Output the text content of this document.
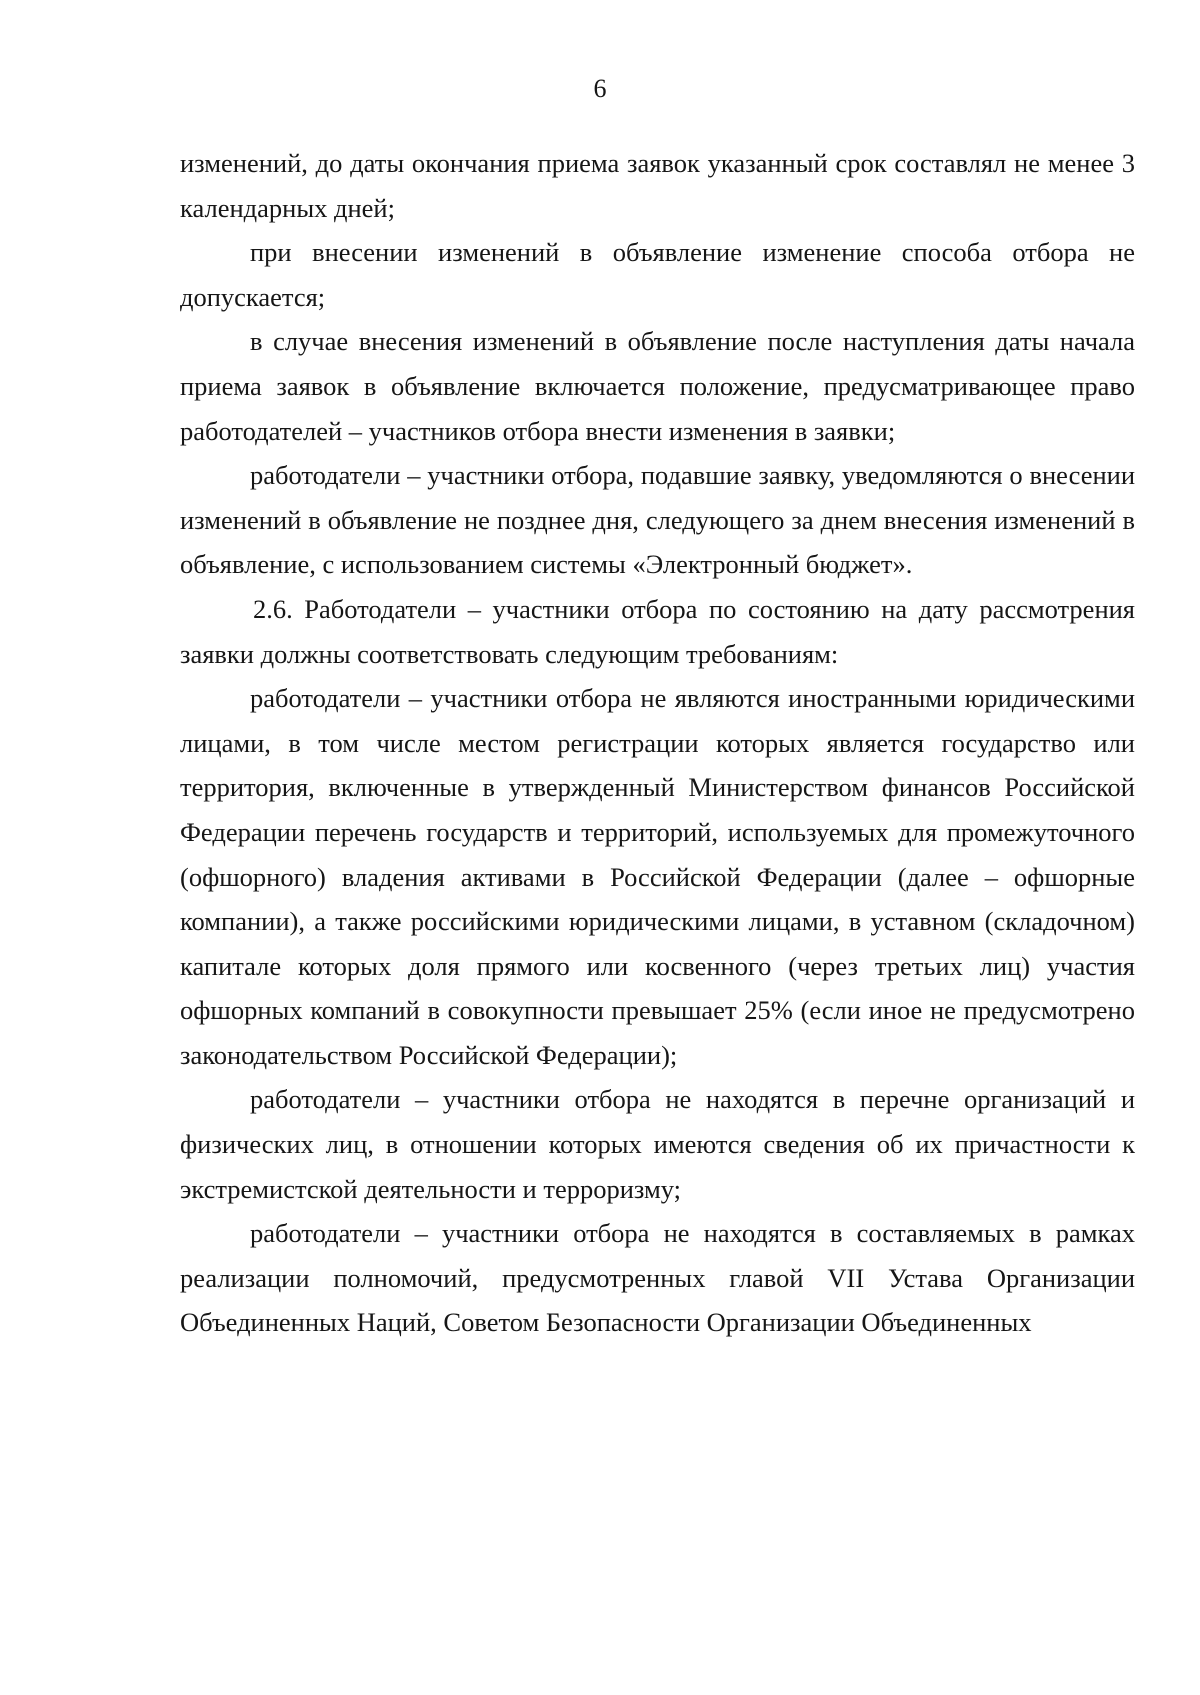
6

изменений, до даты окончания приема заявок указанный срок составлял не менее 3 календарных дней;

при внесении изменений в объявление изменение способа отбора не допускается;

в случае внесения изменений в объявление после наступления даты начала приема заявок в объявление включается положение, предусматривающее право работодателей – участников отбора внести изменения в заявки;

работодатели – участники отбора, подавшие заявку, уведомляются о внесении изменений в объявление не позднее дня, следующего за днем внесения изменений в объявление, с использованием системы «Электронный бюджет».

2.6. Работодатели – участники отбора по состоянию на дату рассмотрения заявки должны соответствовать следующим требованиям:

работодатели – участники отбора не являются иностранными юридическими лицами, в том числе местом регистрации которых является государство или территория, включенные в утвержденный Министерством финансов Российской Федерации перечень государств и территорий, используемых для промежуточного (офшорного) владения активами в Российской Федерации (далее – офшорные компании), а также российскими юридическими лицами, в уставном (складочном) капитале которых доля прямого или косвенного (через третьих лиц) участия офшорных компаний в совокупности превышает 25% (если иное не предусмотрено законодательством Российской Федерации);

работодатели – участники отбора не находятся в перечне организаций и физических лиц, в отношении которых имеются сведения об их причастности к экстремистской деятельности и терроризму;

работодатели – участники отбора не находятся в составляемых в рамках реализации полномочий, предусмотренных главой VII Устава Организации Объединенных Наций, Советом Безопасности Организации Объединенных
